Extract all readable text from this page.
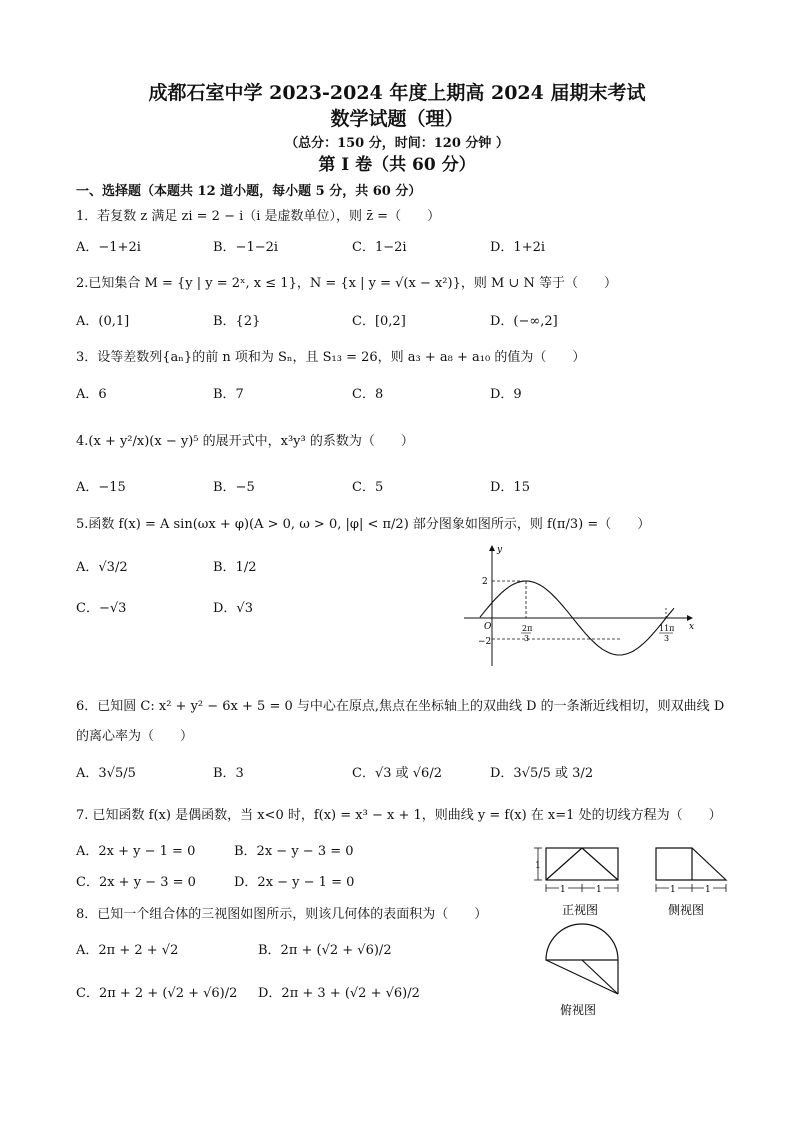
成都石室中学 2023-2024 年度上期高 2024 届期末考试
数学试题（理）
（总分：150 分，时间：120 分钟 ）
第 I 卷（共 60 分）
一、选择题（本题共 12 道小题，每小题 5 分，共 60 分）
1．若复数 z 满足 zi = 2 − i（i 是虚数单位），则 z̄ =（　　）
A．−1+2i	B．−1−2i	C．1−2i	D．1+2i
2.已知集合 M = {y | y = 2ˣ, x ≤ 1}，N = {x | y = √(x − x²)}，则 M ∪ N 等于（　　）
A．(0,1]	B．{2}	C．[0,2]	D．(−∞,2]
3．设等差数列{aₙ}的前 n 项和为 Sₙ，且 S₁₃ = 26，则 a₃ + a₈ + a₁₀ 的值为（　　）
A．6	B．7	C．8	D．9
4.(x + y²/x)(x − y)⁵ 的展开式中，x³y³ 的系数为（　　）
A．−15	B．−5	C．5	D．15
5.函数 f(x) = A sin(ωx + φ)(A > 0, ω > 0, |φ| < π/2) 部分图象如图所示，则 f(π/3) =（　　）
A．√3/2	B．1/2
C．−√3	D．√3
y
x
O
2
−2
2π
3
11π
3
6．已知圆 C: x² + y² − 6x + 5 = 0 与中心在原点,焦点在坐标轴上的双曲线 D 的一条渐近线相切，则双曲线 D
的离心率为（　　）
A．3√5/5	B．3	C．√3 或 √6/2	D．3√5/5 或 3/2
7. 已知函数 f(x) 是偶函数，当 x<0 时，f(x) = x³ − x + 1，则曲线 y = f(x) 在 x=1 处的切线方程为（　　）
A．2x + y − 1 = 0	B．2x − y − 3 = 0
C．2x + y − 3 = 0	D．2x − y − 1 = 0
8．已知一个组合体的三视图如图所示，则该几何体的表面积为（　　）
A．2π + 2 + √2	B．2π + (√2 + √6)/2
C．2π + 2 + (√2 + √6)/2 D．2π + 3 + (√2 + √6)/2
1
1	1
正视图
1	1
侧视图
俯视图
